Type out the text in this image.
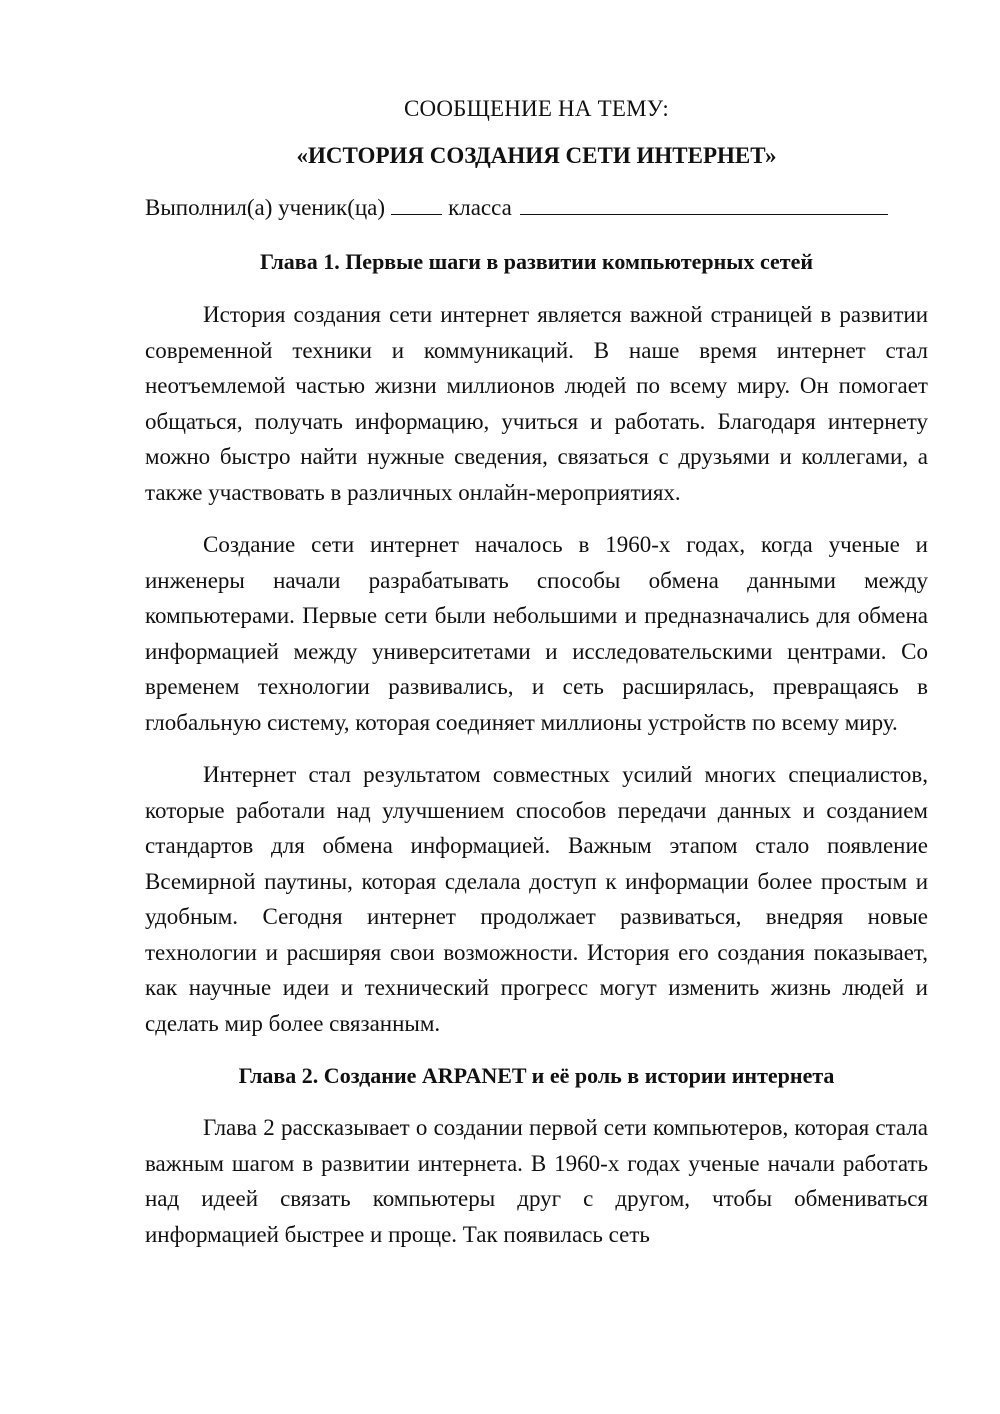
СООБЩЕНИЕ НА ТЕМУ:

«ИСТОРИЯ СОЗДАНИЯ СЕТИ ИНТЕРНЕТ»

Выполнил(а) ученик(ца)	класса
Глава 1. Первые шаги в развитии компьютерных сетей

История создания сети интернет является важной страницей в развитии современной техники и коммуникаций. В наше время интернет стал неотъемлемой частью жизни миллионов людей по всему миру. Он помогает общаться, получать информацию, учиться и работать. Благодаря интернету можно быстро найти нужные сведения, связаться с друзьями и коллегами, а также участвовать в различных онлайн-мероприятиях.

Создание сети интернет началось в 1960-х годах, когда ученые и инженеры начали разрабатывать способы обмена данными между компьютерами. Первые сети были небольшими и предназначались для обмена информацией между университетами и исследовательскими центрами. Со временем технологии развивались, и сеть расширялась, превращаясь в глобальную систему, которая соединяет миллионы устройств по всему миру.

Интернет стал результатом совместных усилий многих специалистов, которые работали над улучшением способов передачи данных и созданием стандартов для обмена информацией. Важным этапом стало появление Всемирной паутины, которая сделала доступ к информации более простым и удобным. Сегодня интернет продолжает развиваться, внедряя новые технологии и расширяя свои возможности. История его создания показывает, как научные идеи и технический прогресс могут изменить жизнь людей и сделать мир более связанным.

Глава 2. Создание ARPANET и её роль в истории интернета

Глава 2 рассказывает о создании первой сети компьютеров, которая стала важным шагом в развитии интернета. В 1960-х годах ученые начали работать над идеей связать компьютеры друг с другом, чтобы обмениваться информацией быстрее и проще. Так появилась сеть
